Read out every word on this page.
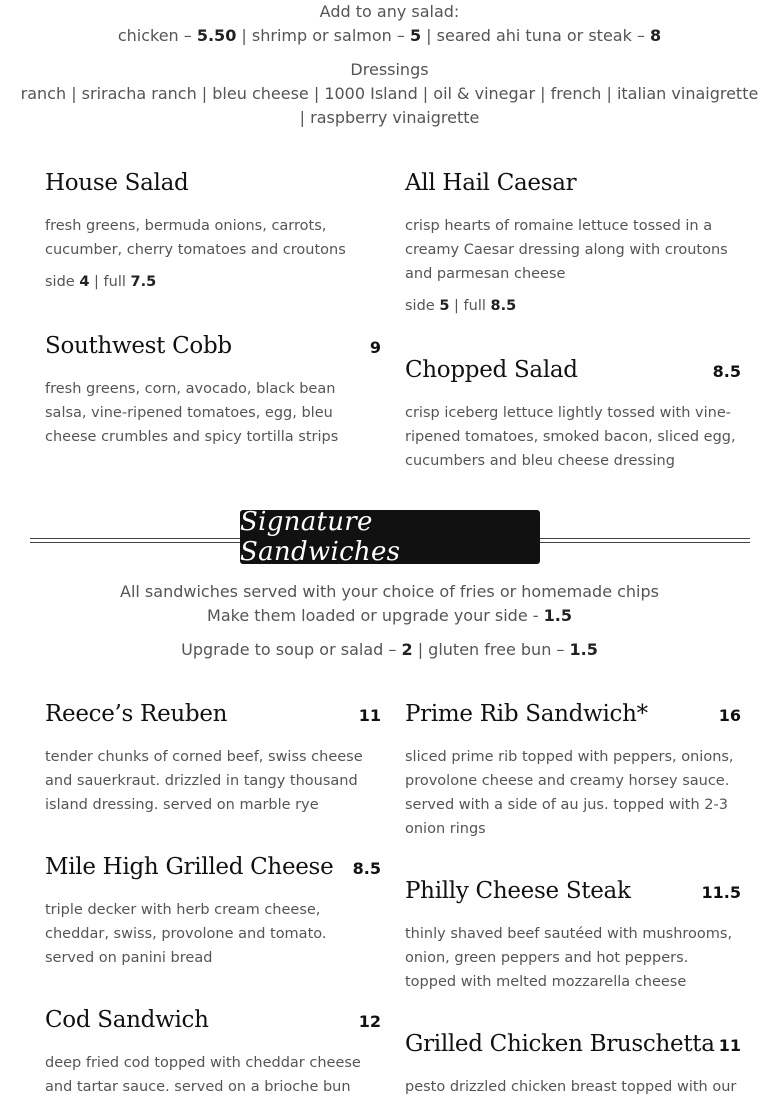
Add to any salad:
chicken – 5.50 | shrimp or salmon – 5 | seared ahi tuna or steak – 8
Dressings
ranch | sriracha ranch | bleu cheese | 1000 Island | oil & vinegar | french | italian vinaigrette
| raspberry vinaigrette
House Salad
fresh greens, bermuda onions, carrots, cucumber, cherry tomatoes and croutons
side 4 | full 7.5
All Hail Caesar
crisp hearts of romaine lettuce tossed in a creamy Caesar dressing along with croutons and parmesan cheese
side 5 | full 8.5
Southwest Cobb	9
fresh greens, corn, avocado, black bean salsa, vine-ripened tomatoes, egg, bleu cheese crumbles and spicy tortilla strips
Chopped Salad	8.5
crisp iceberg lettuce lightly tossed with vine-ripened tomatoes, smoked bacon, sliced egg, cucumbers and bleu cheese dressing
Signature Sandwiches
All sandwiches served with your choice of fries or homemade chips
Make them loaded or upgrade your side - 1.5
Upgrade to soup or salad – 2 | gluten free bun – 1.5
Reece’s Reuben	11
tender chunks of corned beef, swiss cheese and sauerkraut. drizzled in tangy thousand island dressing. served on marble rye
Prime Rib Sandwich*	16
sliced prime rib topped with peppers, onions, provolone cheese and creamy horsey sauce. served with a side of au jus. topped with 2-3 onion rings
Mile High Grilled Cheese 8.5
triple decker with herb cream cheese, cheddar, swiss, provolone and tomato. served on panini bread
Philly Cheese Steak	11.5
thinly shaved beef sautéed with mushrooms, onion, green peppers and hot peppers. topped with melted mozzarella cheese
Cod Sandwich	12
deep fried cod topped with cheddar cheese and tartar sauce. served on a brioche bun
Grilled Chicken Bruschetta 11
pesto drizzled chicken breast topped with our
